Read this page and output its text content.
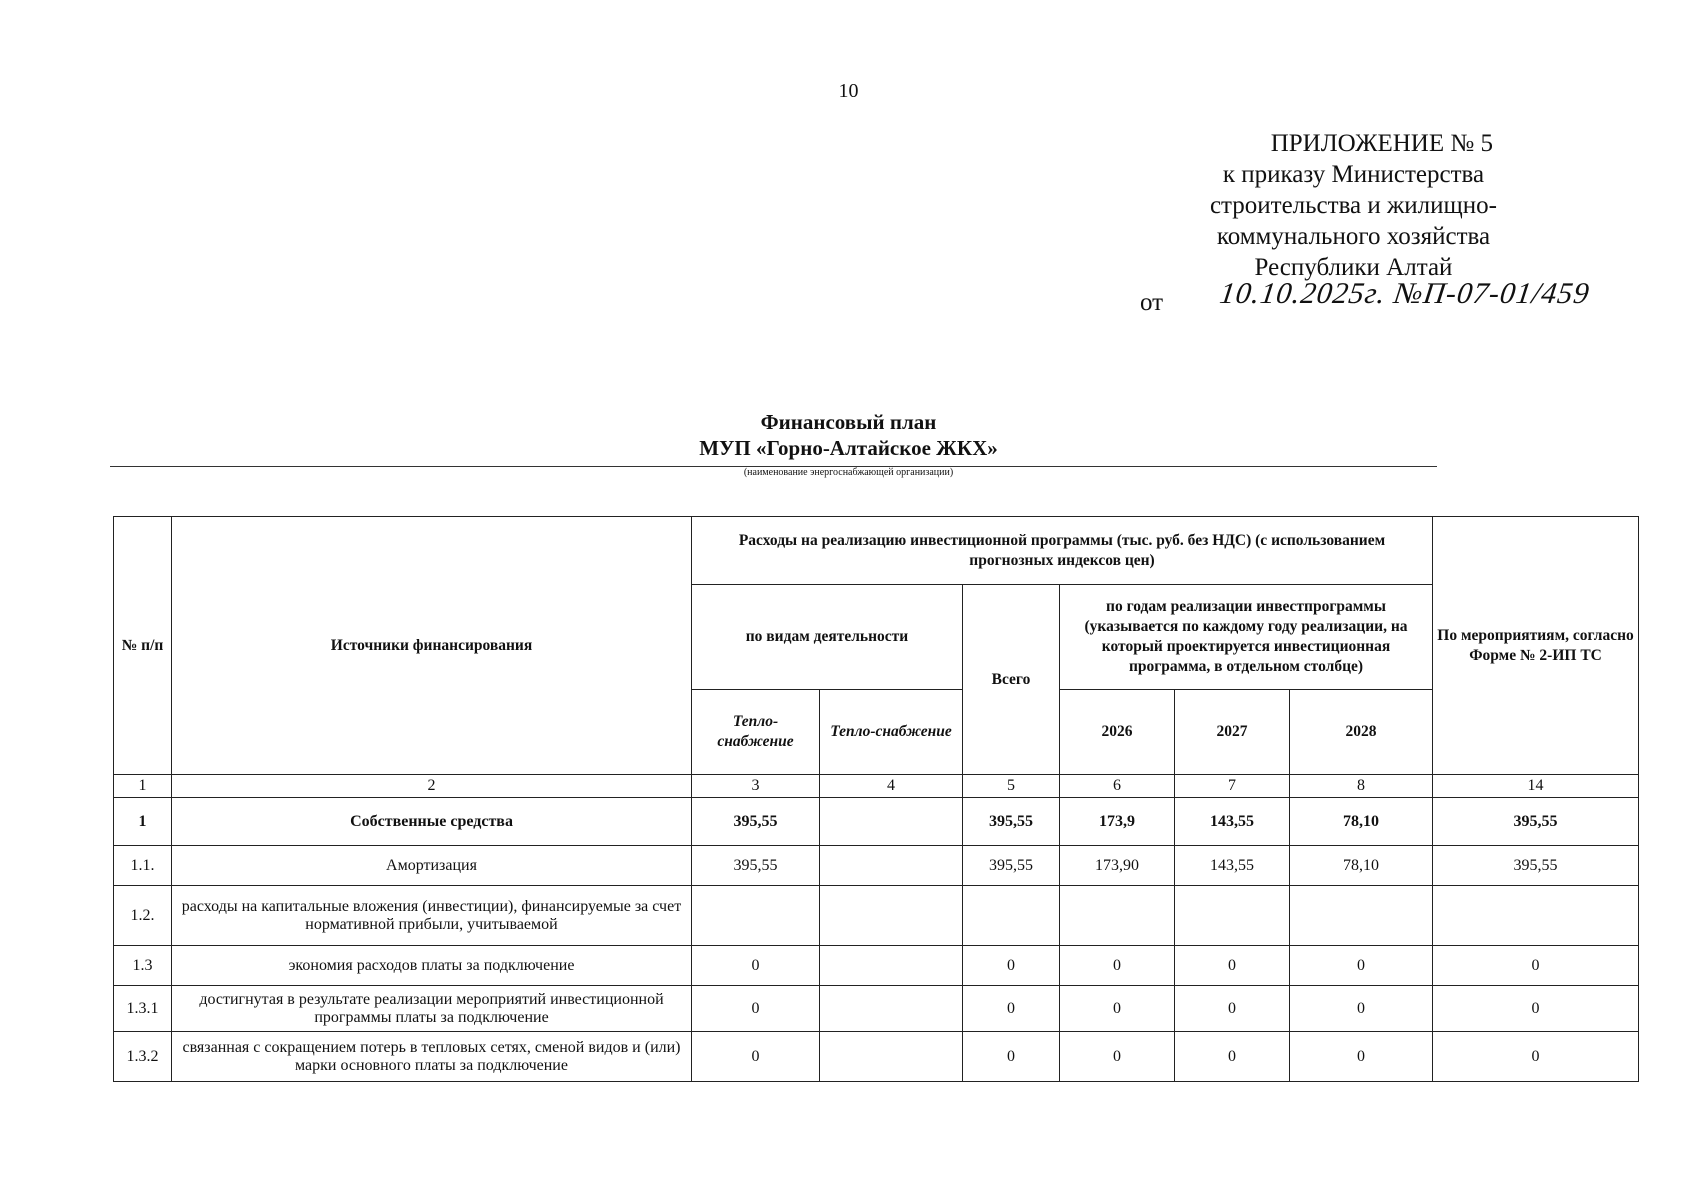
10
ПРИЛОЖЕНИЕ № 5
к приказу Министерства
строительства и жилищно-
коммунального хозяйства
Республики Алтай
от 10.10.2025г. №П-07-01/459
Финансовый план
МУП «Горно-Алтайское ЖКХ»
(наименование энергоснабжающей организации)
№ п/п	Источники финансирования	Расходы на реализацию инвестиционной программы (тыс. руб. без НДС) (с использованием прогнозных индексов цен)						По мероприятиям, согласно Форме № 2-ИП ТС
		по видам деятельности		Всего	по годам реализации инвестпрограммы (указывается по каждому году реализации, на который проектируется инвестиционная программа, в отдельном столбце)			
		Тепло-снабжение	Тепло-снабжение		2026	2027	2028	
1	2	3	4	5	6	7	8	14
1	Собственные средства	395,55		395,55	173,9	143,55	78,10	395,55
1.1.	Амортизация	395,55		395,55	173,90	143,55	78,10	395,55
1.2.	расходы на капитальные вложения (инвестиции), финансируемые за счет нормативной прибыли, учитываемой							
1.3	экономия расходов платы за подключение	0		0	0	0	0	0
1.3.1	достигнутая в результате реализации мероприятий инвестиционной программы платы за подключение	0		0	0	0	0	0
1.3.2	связанная с сокращением потерь в тепловых сетях, сменой видов и (или) марки основного платы за подключение	0		0	0	0	0	0
